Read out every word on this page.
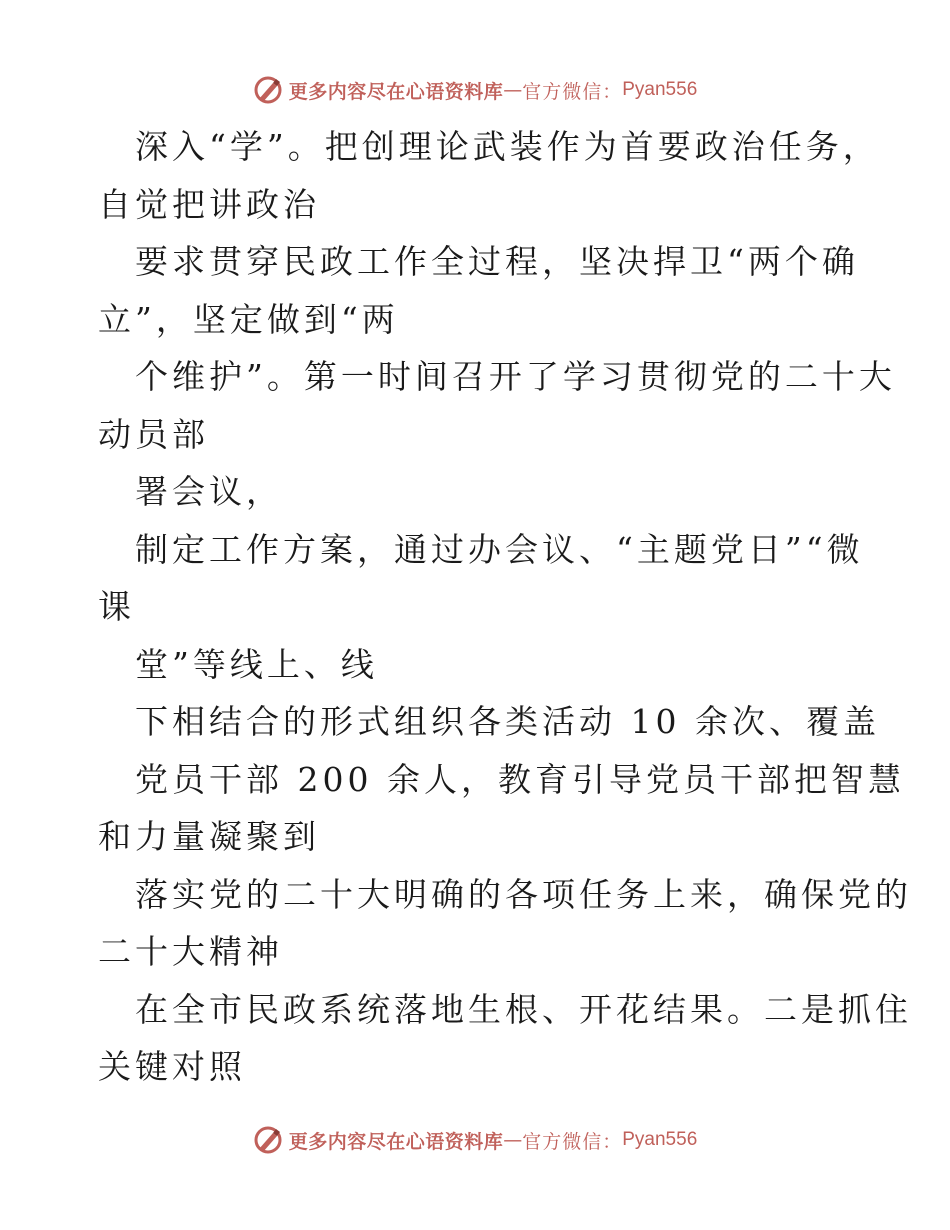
更多内容尽在心语资料库 — 官方微信： Pyan556
深入“学”。把创理论武装作为首要政治任务，
自觉把讲政治
要求贯穿民政工作全过程，坚决捍卫“两个确
立”，坚定做到“两
个维护”。第一时间召开了学习贯彻党的二十大
动员部
署会议，
制定工作方案，通过办会议、“主题党日”“微
课
堂”等线上、线
下相结合的形式组织各类活动 10 余次、覆盖
党员干部 200 余人，教育引导党员干部把智慧
和力量凝聚到
落实党的二十大明确的各项任务上来，确保党的
二十大精神
在全市民政系统落地生根、开花结果。二是抓住
关键对照
更多内容尽在心语资料库 — 官方微信： Pyan556
